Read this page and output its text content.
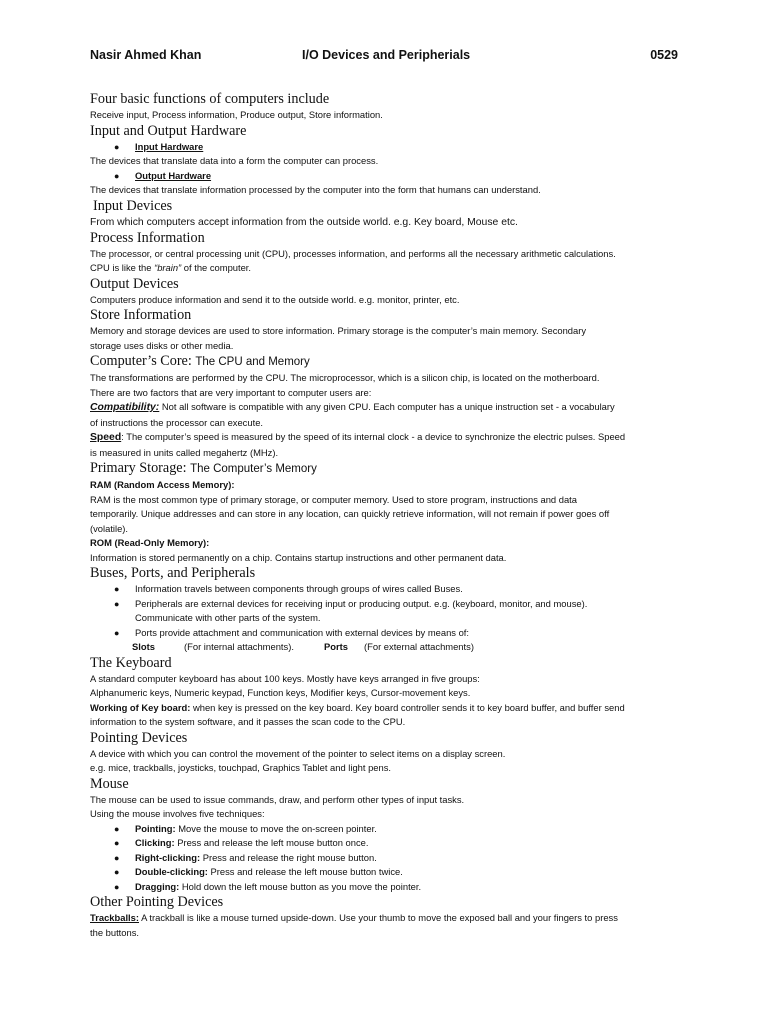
Nasir Ahmed Khan	I/O Devices and Peripherials	0529
Four basic functions of computers include
Receive input, Process information, Produce output, Store information.
Input and Output Hardware
● Input Hardware
The devices that translate data into a form the computer can process.
● Output Hardware
The devices that translate information processed by the computer into the form that humans can understand.
Input Devices
From which computers accept information from the outside world. e.g. Key board, Mouse etc.
Process Information
The processor, or central processing unit (CPU), processes information, and performs all the necessary arithmetic calculations.
CPU is like the “brain” of the computer.
Output Devices
Computers produce information and send it to the outside world. e.g. monitor, printer, etc.
Store Information
Memory and storage devices are used to store information. Primary storage is the computer’s main memory. Secondary
storage uses disks or other media.
Computer’s Core: The CPU and Memory
The transformations are performed by the CPU. The microprocessor, which is a silicon chip, is located on the motherboard.
There are two factors that are very important to computer users are:
Compatibility: Not all software is compatible with any given CPU. Each computer has a unique instruction set - a vocabulary
of instructions the processor can execute.
Speed: The computer’s speed is measured by the speed of its internal clock - a device to synchronize the electric pulses. Speed
is measured in units called megahertz (MHz).
Primary Storage: The Computer’s Memory
RAM (Random Access Memory):
RAM is the most common type of primary storage, or computer memory. Used to store program, instructions and data
temporarily. Unique addresses and can store in any location, can quickly retrieve information, will not remain if power goes off
(volatile).
ROM (Read-Only Memory):
Information is stored permanently on a chip. Contains startup instructions and other permanent data.
Buses, Ports, and Peripherals
● Information travels between components through groups of wires called Buses.
● Peripherals are external devices for receiving input or producing output. e.g. (keyboard, monitor, and mouse).
Communicate with other parts of the system.
● Ports provide attachment and communication with external devices by means of:
Slots	(For internal attachments).	Ports (For external attachments)
The Keyboard
A standard computer keyboard has about 100 keys. Mostly have keys arranged in five groups:
Alphanumeric keys, Numeric keypad, Function keys, Modifier keys, Cursor-movement keys.
Working of Key board: when key is pressed on the key board. Key board controller sends it to key board buffer, and buffer send
information to the system software, and it passes the scan code to the CPU.
Pointing Devices
A device with which you can control the movement of the pointer to select items on a display screen.
e.g. mice, trackballs, joysticks, touchpad, Graphics Tablet and light pens.
Mouse
The mouse can be used to issue commands, draw, and perform other types of input tasks.
Using the mouse involves five techniques:
● Pointing: Move the mouse to move the on-screen pointer.
● Clicking: Press and release the left mouse button once.
● Right-clicking: Press and release the right mouse button.
● Double-clicking: Press and release the left mouse button twice.
● Dragging: Hold down the left mouse button as you move the pointer.
Other Pointing Devices
Trackballs: A trackball is like a mouse turned upside-down. Use your thumb to move the exposed ball and your fingers to press
the buttons.
